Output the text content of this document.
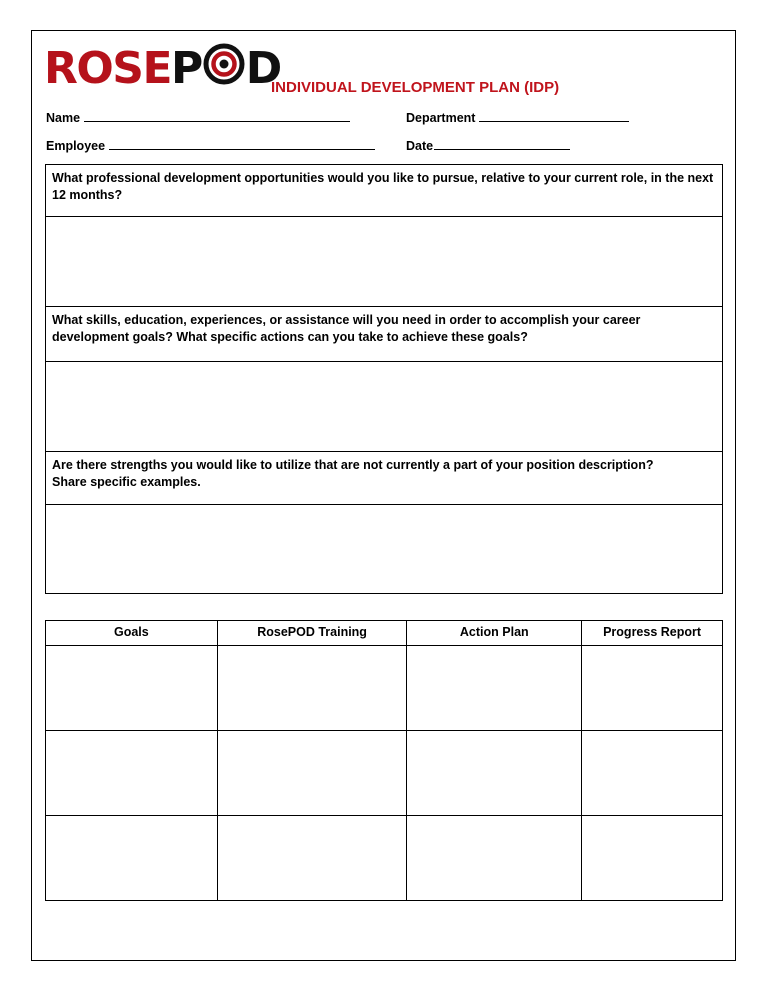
ROSE P D
INDIVIDUAL DEVELOPMENT PLAN (IDP)
Name	Department
Employee	Date
What professional development opportunities would you like to pursue, relative to your current role, in the next 12 months?
What skills, education, experiences, or assistance will you need in order to accomplish your career development goals? What specific actions can you take to achieve these goals?
Are there strengths you would like to utilize that are not currently a part of your position description?
Share specific examples.
Goals	RosePOD Training	Action Plan	Progress Report
